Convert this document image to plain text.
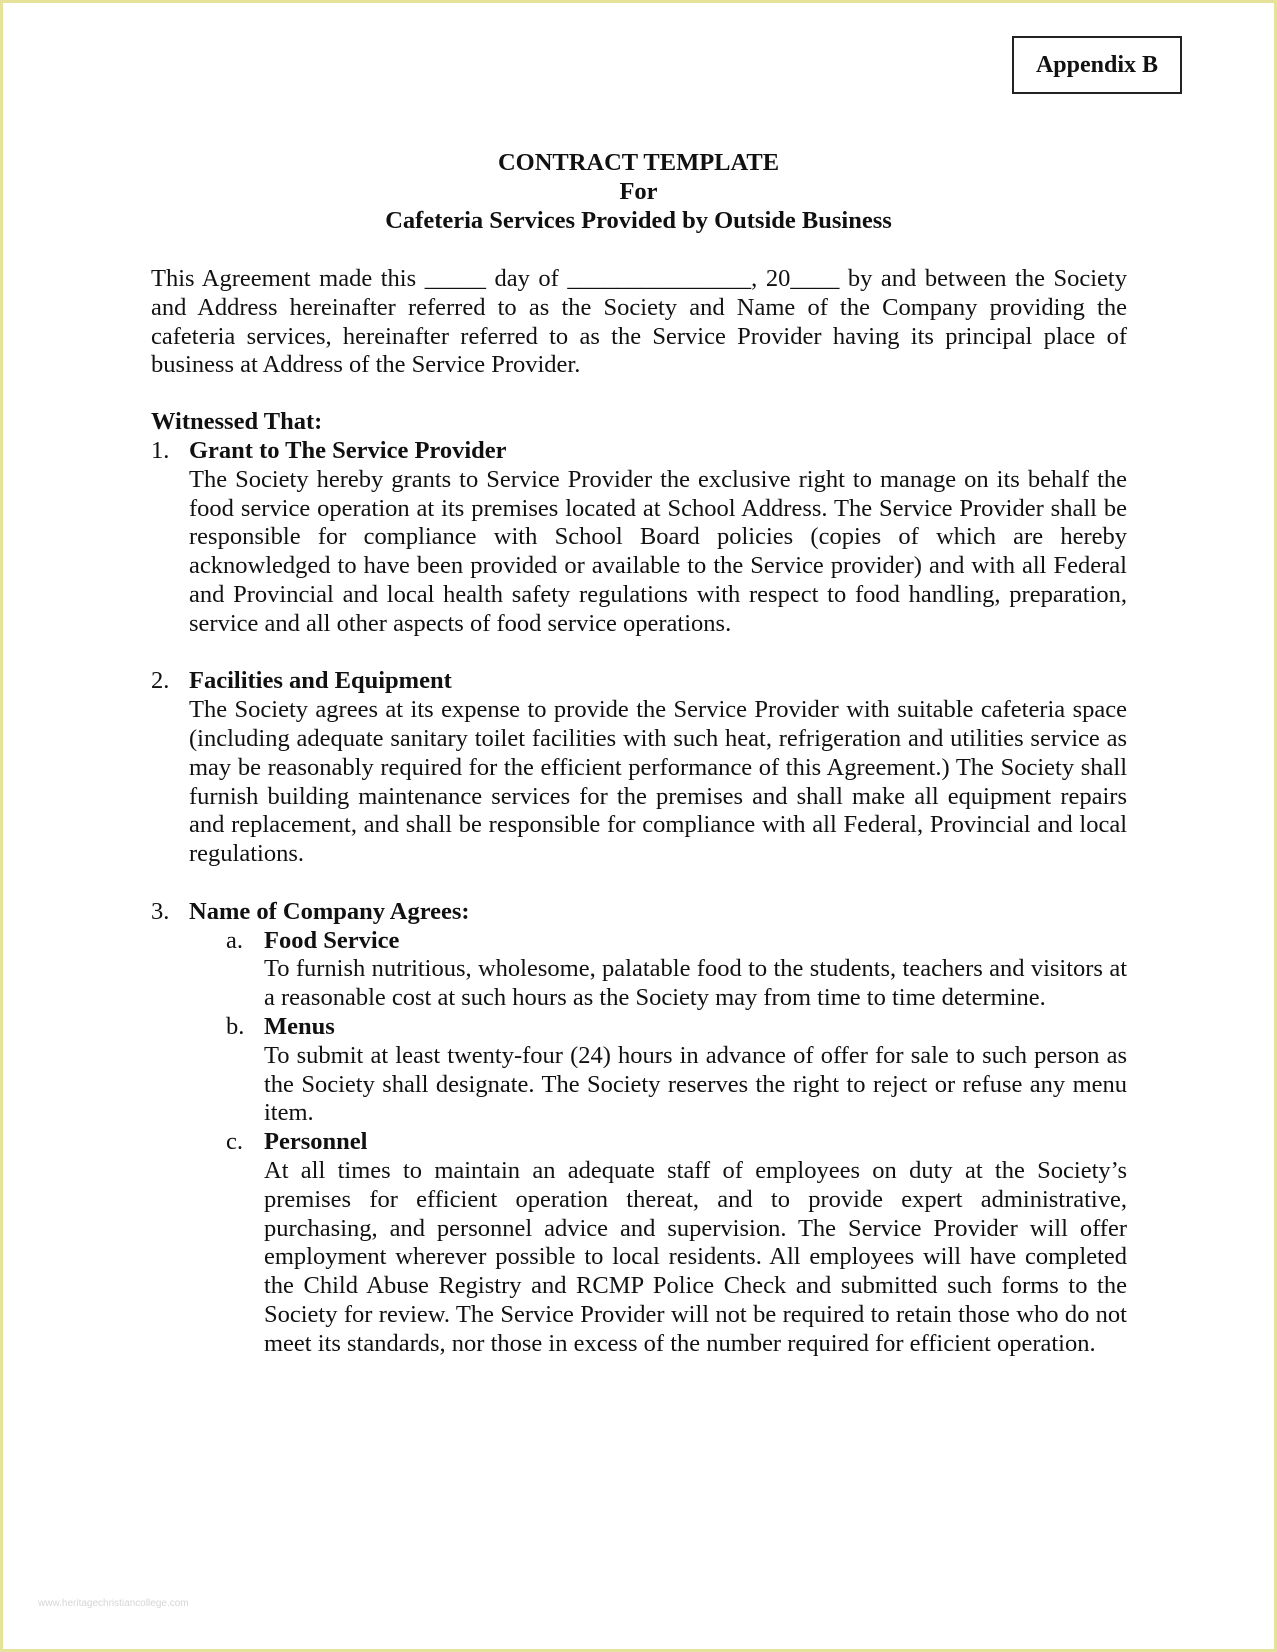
Appendix B
CONTRACT TEMPLATE
For
Cafeteria Services Provided by Outside Business

This Agreement made this _____ day of _______________, 20____ by and between the Society and Address hereinafter referred to as the Society and Name of the Company providing the cafeteria services, hereinafter referred to as the Service Provider having its principal place of business at Address of the Service Provider.

Witnessed That:
1. Grant to The Service Provider
The Society hereby grants to Service Provider the exclusive right to manage on its behalf the food service operation at its premises located at School Address. The Service Provider shall be responsible for compliance with School Board policies (copies of which are hereby acknowledged to have been provided or available to the Service provider) and with all Federal and Provincial and local health safety regulations with respect to food handling, preparation, service and all other aspects of food service operations.
2. Facilities and Equipment
The Society agrees at its expense to provide the Service Provider with suitable cafeteria space (including adequate sanitary toilet facilities with such heat, refrigeration and utilities service as may be reasonably required for the efficient performance of this Agreement.) The Society shall furnish building maintenance services for the premises and shall make all equipment repairs and replacement, and shall be responsible for compliance with all Federal, Provincial and local regulations.
3. Name of Company Agrees:
a. Food Service
To furnish nutritious, wholesome, palatable food to the students, teachers and visitors at a reasonable cost at such hours as the Society may from time to time determine.
b. Menus
To submit at least twenty-four (24) hours in advance of offer for sale to such person as the Society shall designate. The Society reserves the right to reject or refuse any menu item.
c. Personnel
At all times to maintain an adequate staff of employees on duty at the Society’s premises for efficient operation thereat, and to provide expert administrative, purchasing, and personnel advice and supervision. The Service Provider will offer employment wherever possible to local residents. All employees will have completed the Child Abuse Registry and RCMP Police Check and submitted such forms to the Society for review. The Service Provider will not be required to retain those who do not meet its standards, nor those in excess of the number required for efficient operation.
www.heritagechristiancollege.com
